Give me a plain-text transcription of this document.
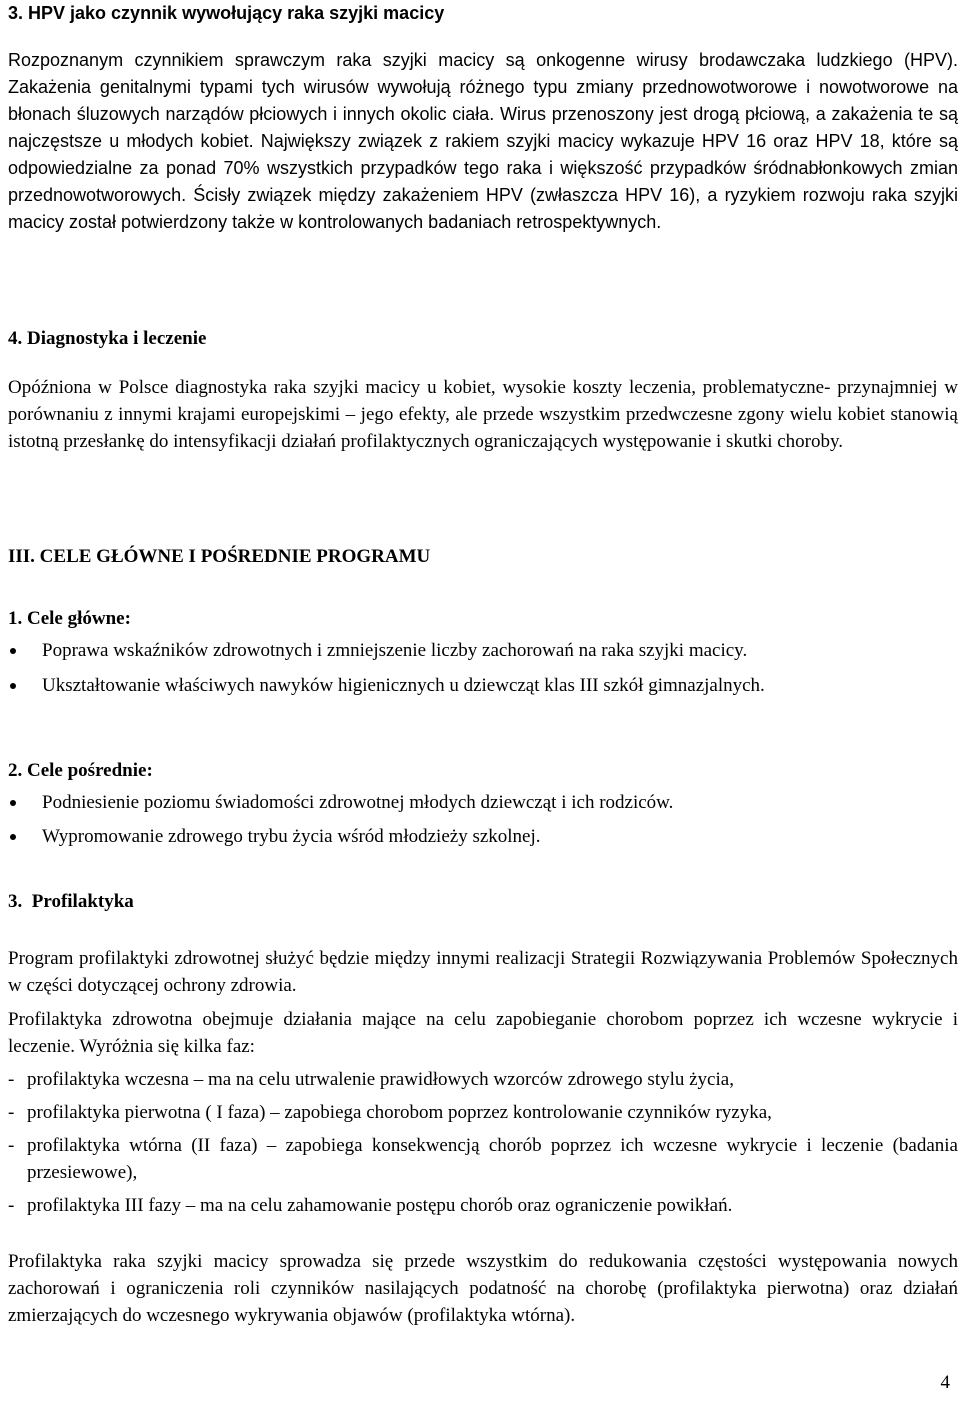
3. HPV jako czynnik wywołujący raka szyjki macicy

Rozpoznanym czynnikiem sprawczym raka szyjki macicy są onkogenne wirusy brodawczaka ludzkiego (HPV). Zakażenia genitalnymi typami tych wirusów wywołują różnego typu zmiany przednowotworowe i nowotworowe na błonach śluzowych narządów płciowych i innych okolic ciała. Wirus przenoszony jest drogą płciową, a zakażenia te są najczęstsze u młodych kobiet. Największy związek z rakiem szyjki macicy wykazuje HPV 16 oraz HPV 18, które są odpowiedzialne za ponad 70% wszystkich przypadków tego raka i większość przypadków śródnabłonkowych zmian przednowotworowych. Ścisły związek między zakażeniem HPV (zwłaszcza HPV 16), a ryzykiem rozwoju raka szyjki macicy został potwierdzony także w kontrolowanych badaniach retrospektywnych.

4. Diagnostyka i leczenie

Opóźniona w Polsce diagnostyka raka szyjki macicy u kobiet, wysokie koszty leczenia, problematyczne- przynajmniej w porównaniu z innymi krajami europejskimi – jego efekty, ale przede wszystkim przedwczesne zgony wielu kobiet stanowią istotną przesłankę do intensyfikacji działań profilaktycznych ograniczających występowanie i skutki choroby.

III. CELE GŁÓWNE I POŚREDNIE PROGRAMU
1. Cele główne:
Poprawa wskaźników zdrowotnych i zmniejszenie liczby zachorowań na raka szyjki macicy.
Ukształtowanie właściwych nawyków higienicznych u dziewcząt klas III szkół gimnazjalnych.
2. Cele pośrednie:
Podniesienie poziomu świadomości zdrowotnej młodych dziewcząt i ich rodziców.
Wypromowanie zdrowego trybu życia wśród młodzieży szkolnej.
3.  Profilaktyka

Program profilaktyki zdrowotnej służyć będzie między innymi realizacji Strategii Rozwiązywania Problemów Społecznych w części dotyczącej ochrony zdrowia.

Profilaktyka zdrowotna obejmuje działania mające na celu zapobieganie chorobom poprzez ich wczesne wykrycie i leczenie. Wyróżnia się kilka faz:

- profilaktyka wczesna – ma na celu utrwalenie prawidłowych wzorców zdrowego stylu życia,
- profilaktyka pierwotna ( I faza) – zapobiega chorobom poprzez kontrolowanie czynników ryzyka,
- profilaktyka wtórna (II faza) – zapobiega konsekwencją chorób poprzez ich wczesne wykrycie i leczenie (badania przesiewowe),
- profilaktyka III fazy – ma na celu zahamowanie postępu chorób oraz ograniczenie powikłań.

Profilaktyka raka szyjki macicy sprowadza się przede wszystkim do redukowania częstości występowania nowych zachorowań i ograniczenia roli czynników nasilających podatność na chorobę (profilaktyka pierwotna) oraz działań zmierzających do wczesnego wykrywania objawów (profilaktyka wtórna).

4
